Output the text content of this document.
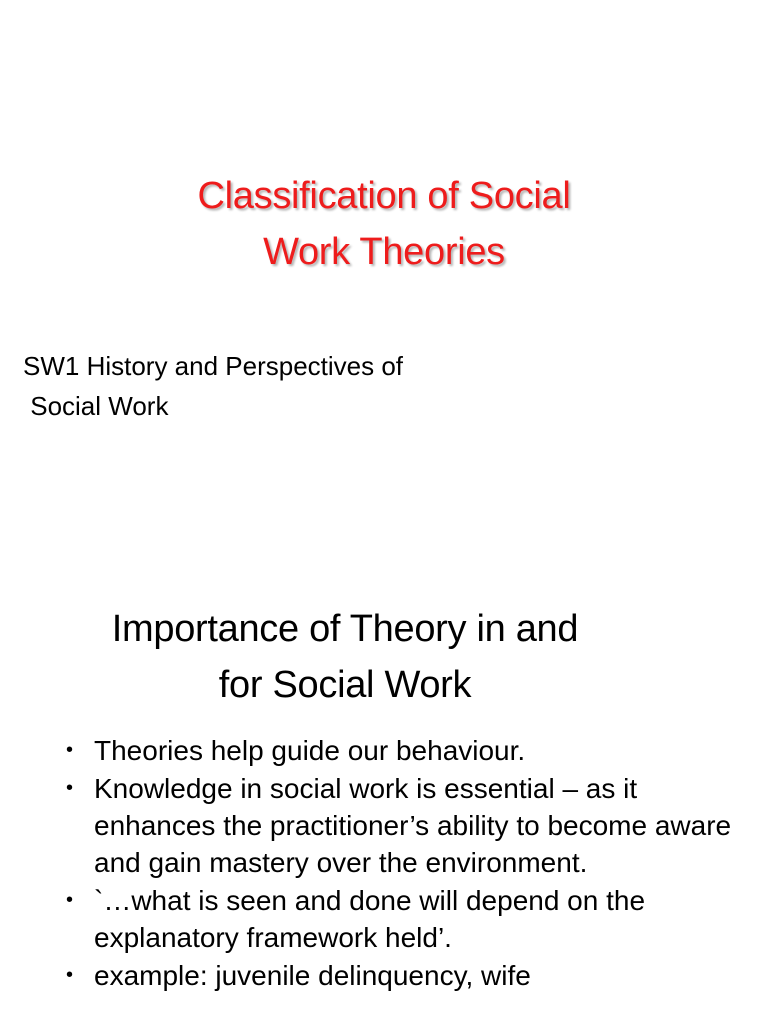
Classification of Social
Work Theories
SW1 History and Perspectives of
Social Work
Importance of Theory in and
for Social Work
• Theories help guide our behaviour.
• Knowledge in social work is essential – as it enhances the practitioner’s ability to become aware and gain mastery over the environment.
• `…what is seen and done will depend on the explanatory framework held’.
• example: juvenile delinquency, wife
